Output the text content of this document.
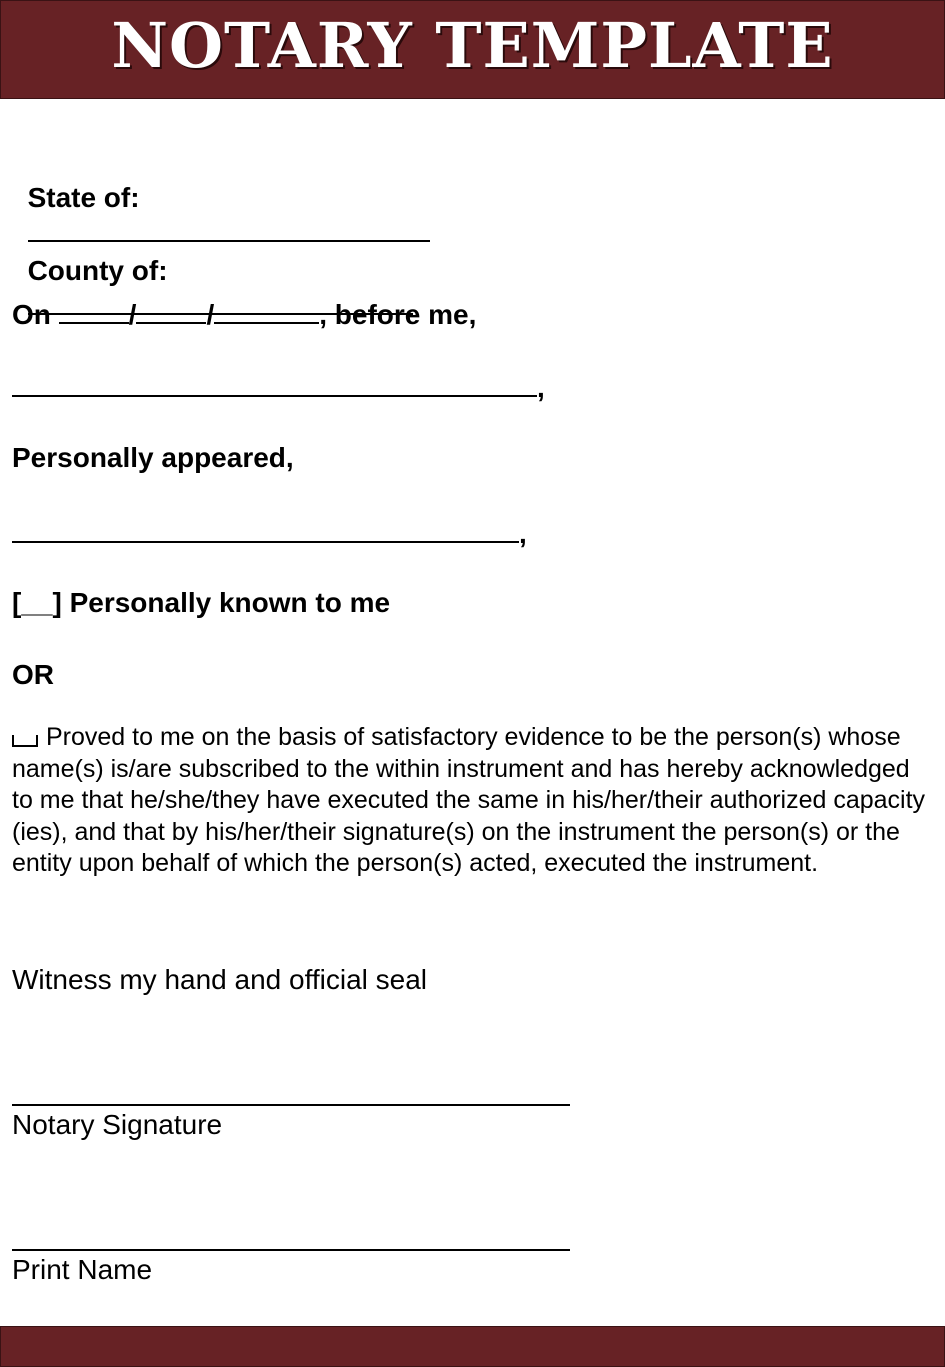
NOTARY TEMPLATE

State of:

County of:

On	/	/	, before me,
,
Personally appeared,
,
[__] Personally known to me
OR
Proved to me on the basis of satisfactory evidence to be the person(s) whose name(s) is/are subscribed to the within instrument and has hereby acknowledged to me that he/she/they have executed the same in his/her/their authorized capacity (ies), and that by his/her/their signature(s) on the instrument the person(s) or the entity upon behalf of which the person(s) acted, executed the instrument.
Witness my hand and official seal
Notary Signature
Print Name
